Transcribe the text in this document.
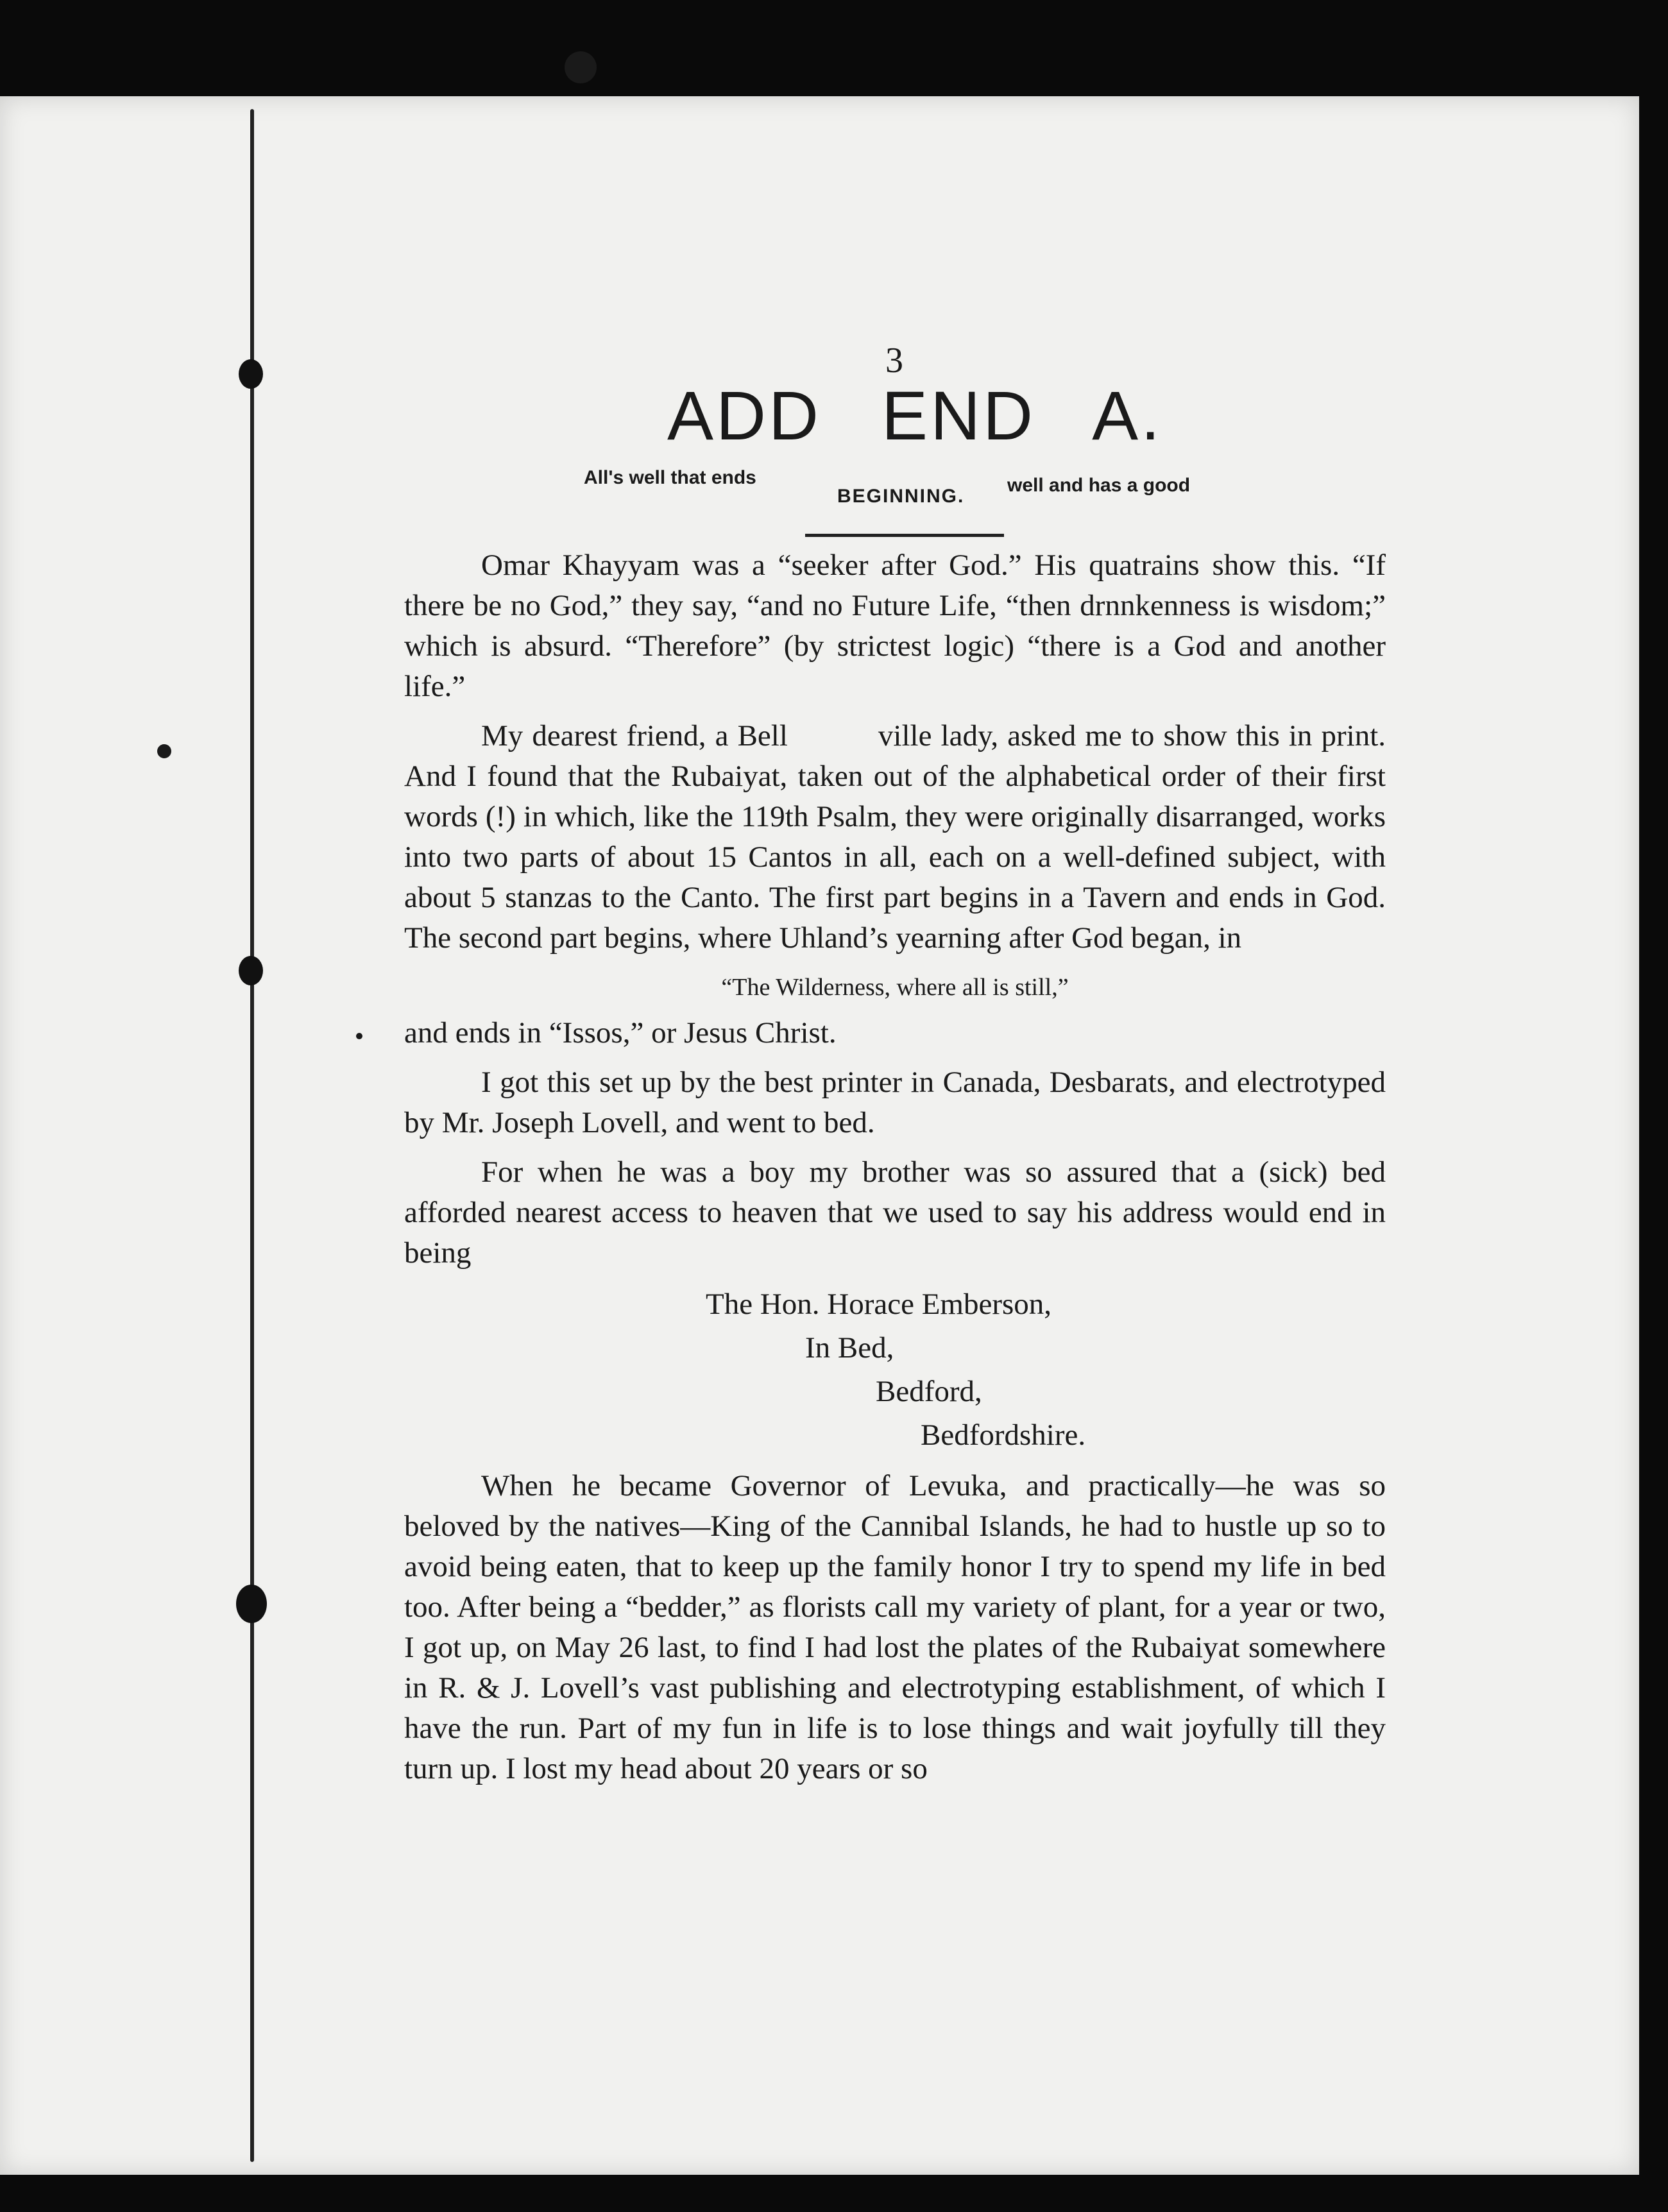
3
ADD END A.
All's well that ends
BEGINNING.
well and has a good

Omar Khayyam was a “seeker after God.” His quatrains show this. “If there be no God,” they say, “and no Future Life, “then drnnkenness is wisdom;” which is absurd. “Therefore” (by strictest logic) “there is a God and another life.”

My dearest friend, a Bell   ville lady, asked me to show this in print. And I found that the Rubaiyat, taken out of the alphabetical order of their first words (!) in which, like the 119th Psalm, they were originally disarranged, works into two parts of about 15 Cantos in all, each on a well-defined subject, with about 5 stanzas to the Canto. The first part begins in a Tavern and ends in God. The second part begins, where Uhland’s yearning after God began, in

“The Wilderness, where all is still,”
and ends in “Issos,” or Jesus Christ.

I got this set up by the best printer in Canada, Desbarats, and electrotyped by Mr. Joseph Lovell, and went to bed.

For when he was a boy my brother was so assured that a (sick) bed afforded nearest access to heaven that we used to say his address would end in being

The Hon. Horace Emberson,
In Bed,
Bedford,
Bedfordshire.

When he became Governor of Levuka, and practically—he was so beloved by the natives—King of the Cannibal Islands, he had to hustle up so to avoid being eaten, that to keep up the family honor I try to spend my life in bed too. After being a “bedder,” as florists call my variety of plant, for a year or two, I got up, on May 26 last, to find I had lost the plates of the Rubaiyat somewhere in R. & J. Lovell’s vast publishing and electrotyping establishment, of which I have the run. Part of my fun in life is to lose things and wait joyfully till they turn up. I lost my head about 20 years or so
